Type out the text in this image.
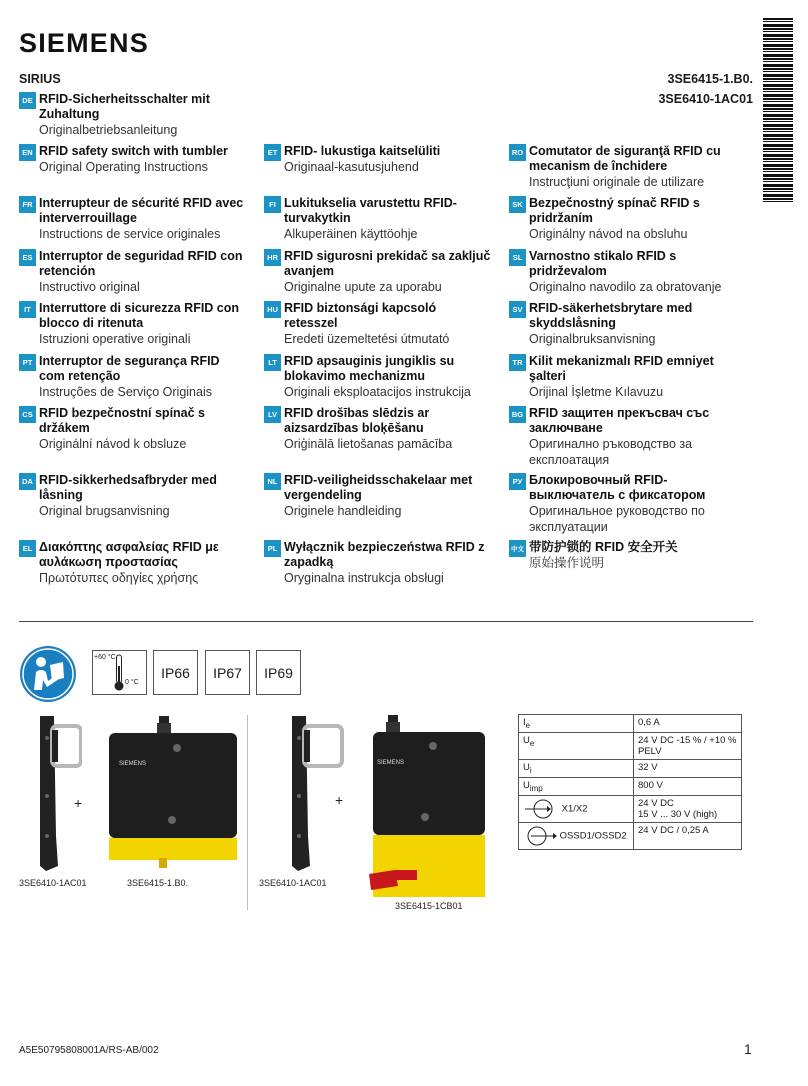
SIEMENS
SIRIUS	3SE6415-1.B0.
3SE6410-1AC01
DE RFID-Sicherheitsschalter mit Zuhaltung
Originalbetriebsanleitung
EN RFID safety switch with tumbler
Original Operating Instructions
FR Interrupteur de sécurité RFID avec interverrouillage
Instructions de service originales
ES Interruptor de seguridad RFID con retención
Instructivo original
IT Interruttore di sicurezza RFID con blocco di ritenuta
Istruzioni operative originali
PT Interruptor de segurança RFID com retenção
Instruções de Serviço Originais
CS RFID bezpečnostní spínač s držákem
Originální návod k obsluze
DA RFID-sikkerhedsafbryder med låsning
Original brugsanvisning
EL Διακόπτης ασφαλείας RFID με αυλάκωση προστασίας
Πρωτότυπες οδηγίες χρήσης
ET RFID- lukustiga kaitselüliti
Originaal-kasutusjuhend
FI Lukitukselia varustettu RFID-turvakytkin
Alkuperäinen käyttöohje
HR RFID sigurosni prekidač sa zaključ avanjem
Originalne upute za uporabu
HU RFID biztonsági kapcsoló retesszel
Eredeti üzemeltetési útmutató
LT RFID apsauginis jungiklis su blokavimo mechanizmu
Originali eksploatacijos instrukcija
LV RFID drošības slēdzis ar aizsardzības bloķēšanu
Oriģinālā lietošanas pamācība
NL RFID-veiligheidsschakelaar met vergendeling
Originele handleiding
PL Wyłącznik bezpieczeństwa RFID z zapadką
Oryginalna instrukcja obsługi
RO Comutator de siguranţă RFID cu mecanism de închidere
Instrucţiuni originale de utilizare
SK Bezpečnostný spínač RFID s pridržaním
Originálny návod na obsluhu
SL Varnostno stikalo RFID s pridrževalom
Originalno navodilo za obratovanje
SV RFID-säkerhetsbrytare med skyddslåsning
Originalbruksanvisning
TR Kilit mekanizmalı RFID emniyet şalteri
Orijinal İşletme Kılavuzu
BG RFID защитен прекъсвач със заключване
Оригинално ръководство за експлоатация
РУ Блокировочный RFID-выключатель с фиксатором
Оригинальное руководство по эксплуатации
中文 带防护锁的 RFID 安全开关
原始操作说明
+60 °C
0 °C
IP66	IP67	IP69
+
SIEMENS
3SE6410-1AC01	3SE6415-1.B0.
+
SIEMENS
3SE6410-1AC01
3SE6415-1CB01
$I_e$	0,6 A
$U_e$	24 V DC -15 % / +10 %
PELV

$U_i$	32 V
$U_{imp}$	800 V
X1/X2	24 V DC
15 V ... 30 V (high)

OSSD1/OSSD2	24 V DC / 0,25 A
A5E50795808001A/RS-AB/002	1
